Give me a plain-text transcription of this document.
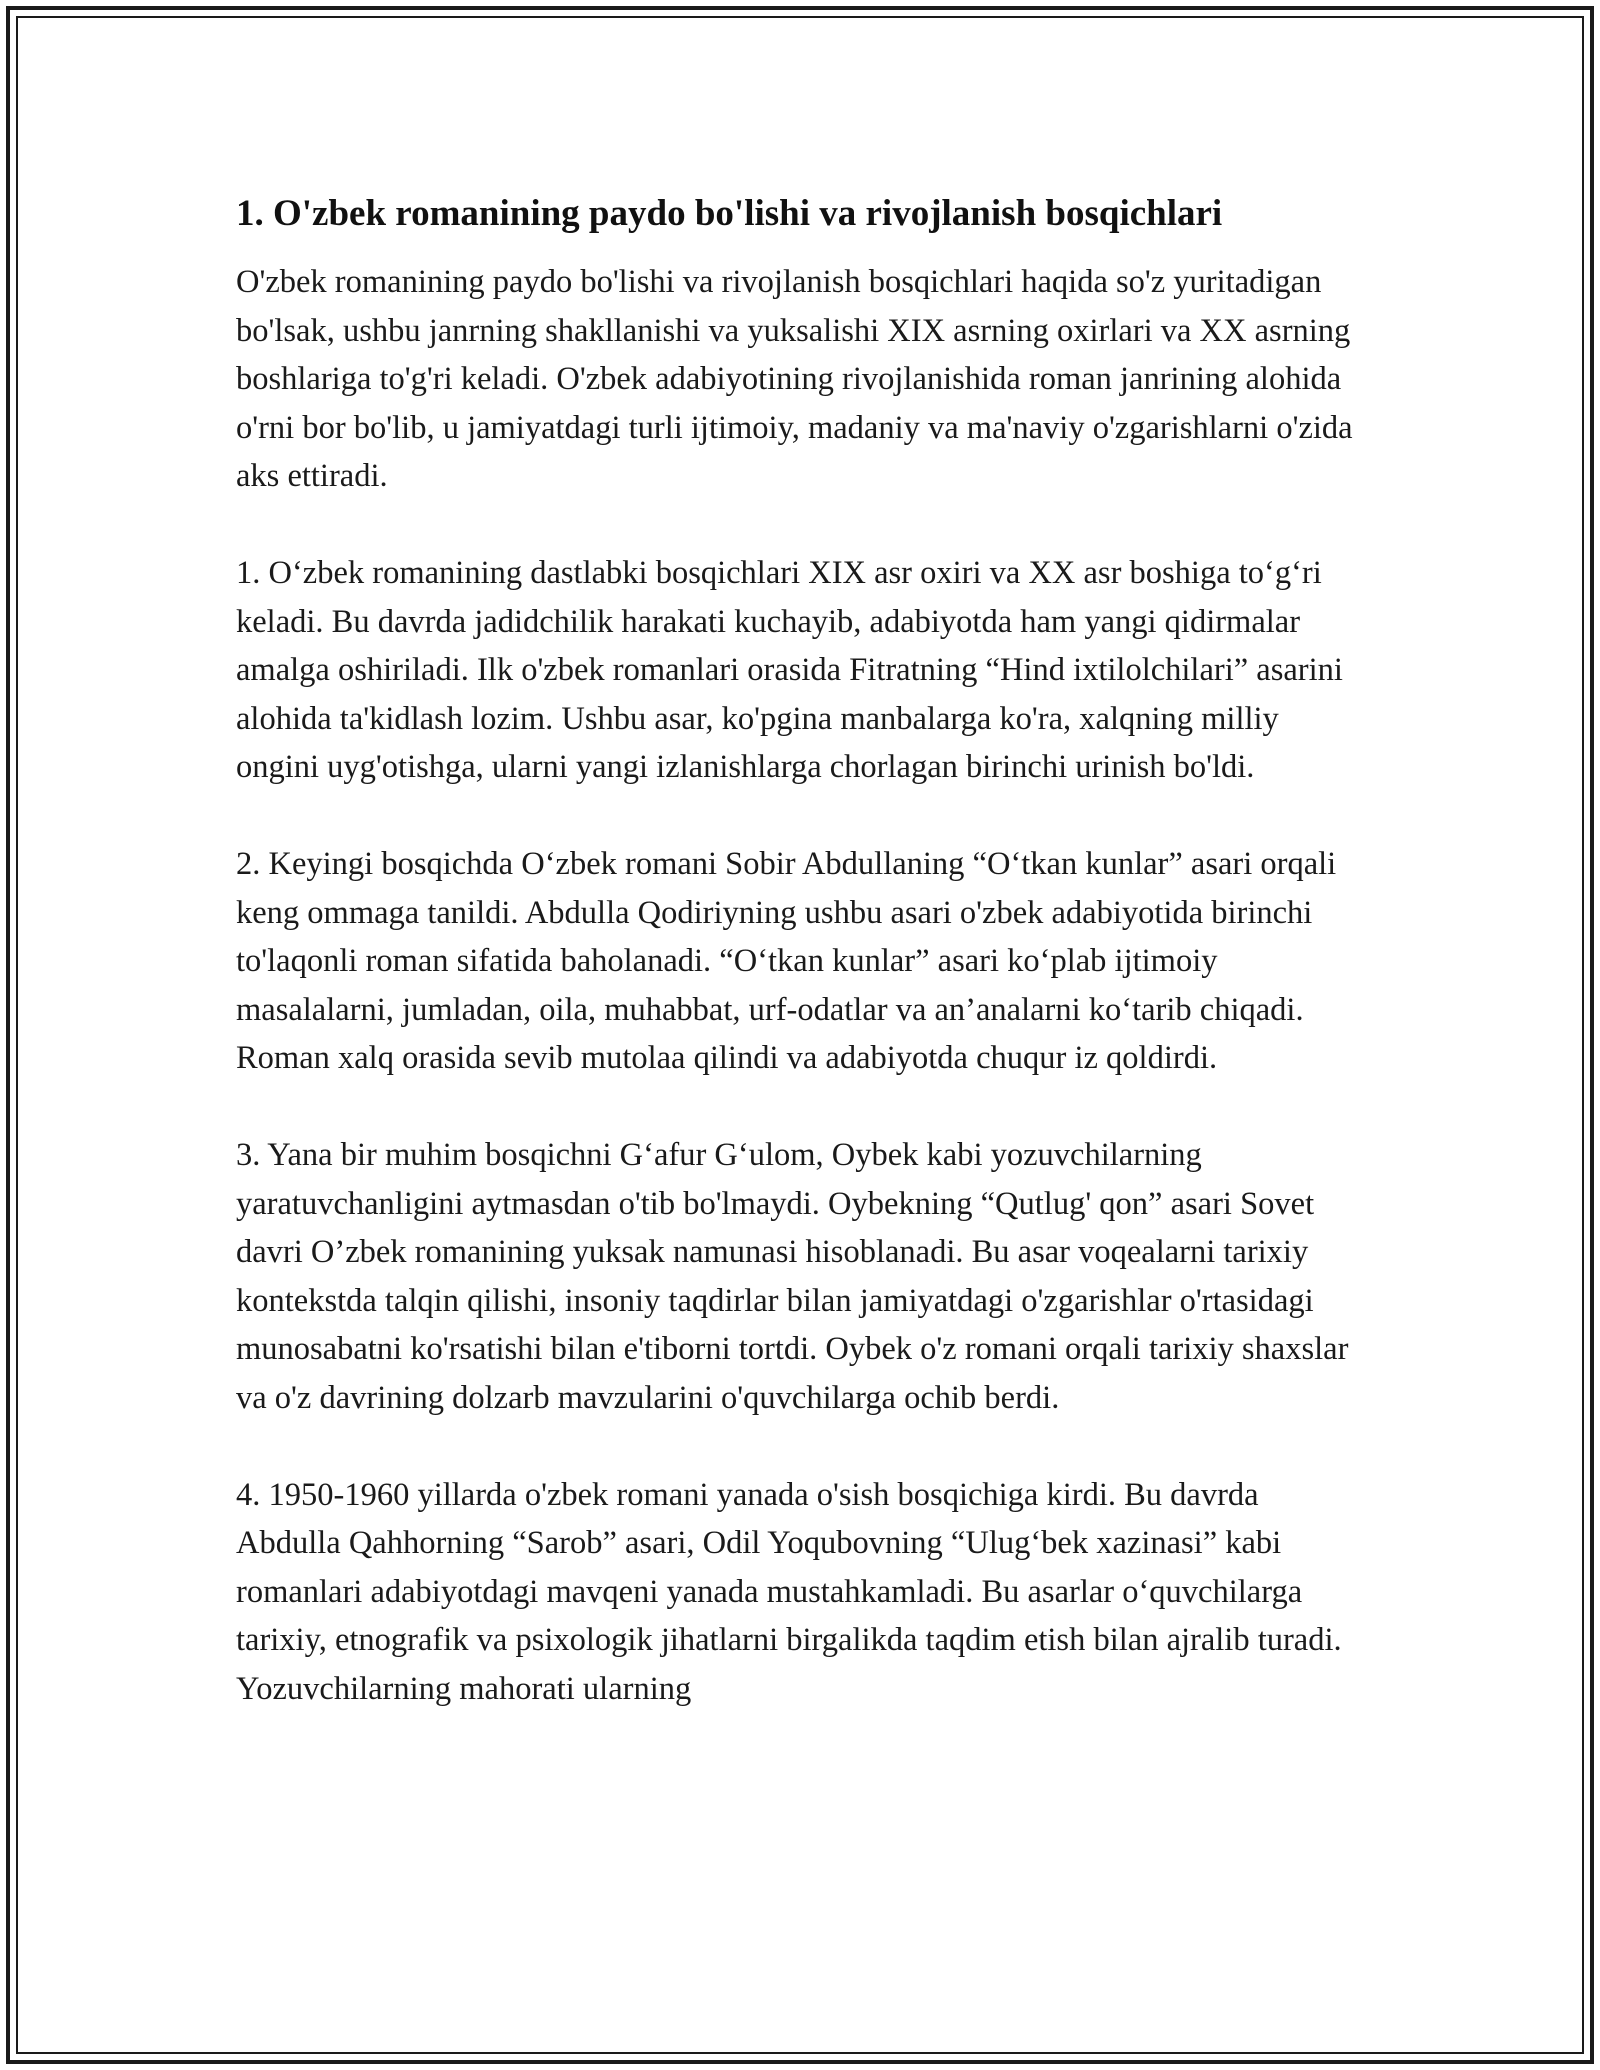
1. O'zbek romanining paydo bo'lishi va rivojlanish bosqichlari

O'zbek romanining paydo bo'lishi va rivojlanish bosqichlari haqida so'z yuritadigan bo'lsak, ushbu janrning shakllanishi va yuksalishi XIX asrning oxirlari va XX asrning boshlariga to'g'ri keladi. O'zbek adabiyotining rivojlanishida roman janrining alohida o'rni bor bo'lib, u jamiyatdagi turli ijtimoiy, madaniy va ma'naviy o'zgarishlarni o'zida aks ettiradi.

1. O‘zbek romanining dastlabki bosqichlari XIX asr oxiri va XX asr boshiga to‘g‘ri keladi. Bu davrda jadidchilik harakati kuchayib, adabiyotda ham yangi qidirmalar amalga oshiriladi. Ilk o'zbek romanlari orasida Fitratning “Hind ixtilolchilari” asarini alohida ta'kidlash lozim. Ushbu asar, ko'pgina manbalarga ko'ra, xalqning milliy ongini uyg'otishga, ularni yangi izlanishlarga chorlagan birinchi urinish bo'ldi.

2. Keyingi bosqichda O‘zbek romani Sobir Abdullaning “O‘tkan kunlar” asari orqali keng ommaga tanildi. Abdulla Qodiriyning ushbu asari o'zbek adabiyotida birinchi to'laqonli roman sifatida baholanadi. “O‘tkan kunlar” asari ko‘plab ijtimoiy masalalarni, jumladan, oila, muhabbat, urf-odatlar va an’analarni ko‘tarib chiqadi. Roman xalq orasida sevib mutolaa qilindi va adabiyotda chuqur iz qoldirdi.

3. Yana bir muhim bosqichni G‘afur G‘ulom, Oybek kabi yozuvchilarning yaratuvchanligini aytmasdan o'tib bo'lmaydi. Oybekning “Qutlug' qon” asari Sovet davri O’zbek romanining yuksak namunasi hisoblanadi. Bu asar voqealarni tarixiy kontekstda talqin qilishi, insoniy taqdirlar bilan jamiyatdagi o'zgarishlar o'rtasidagi munosabatni ko'rsatishi bilan e'tiborni tortdi. Oybek o'z romani orqali tarixiy shaxslar va o'z davrining dolzarb mavzularini o'quvchilarga ochib berdi.

4. 1950-1960 yillarda o'zbek romani yanada o'sish bosqichiga kirdi. Bu davrda Abdulla Qahhorning “Sarob” asari, Odil Yoqubovning “Ulug‘bek xazinasi” kabi romanlari adabiyotdagi mavqeni yanada mustahkamladi. Bu asarlar o‘quvchilarga tarixiy, etnografik va psixologik jihatlarni birgalikda taqdim etish bilan ajralib turadi. Yozuvchilarning mahorati ularning
